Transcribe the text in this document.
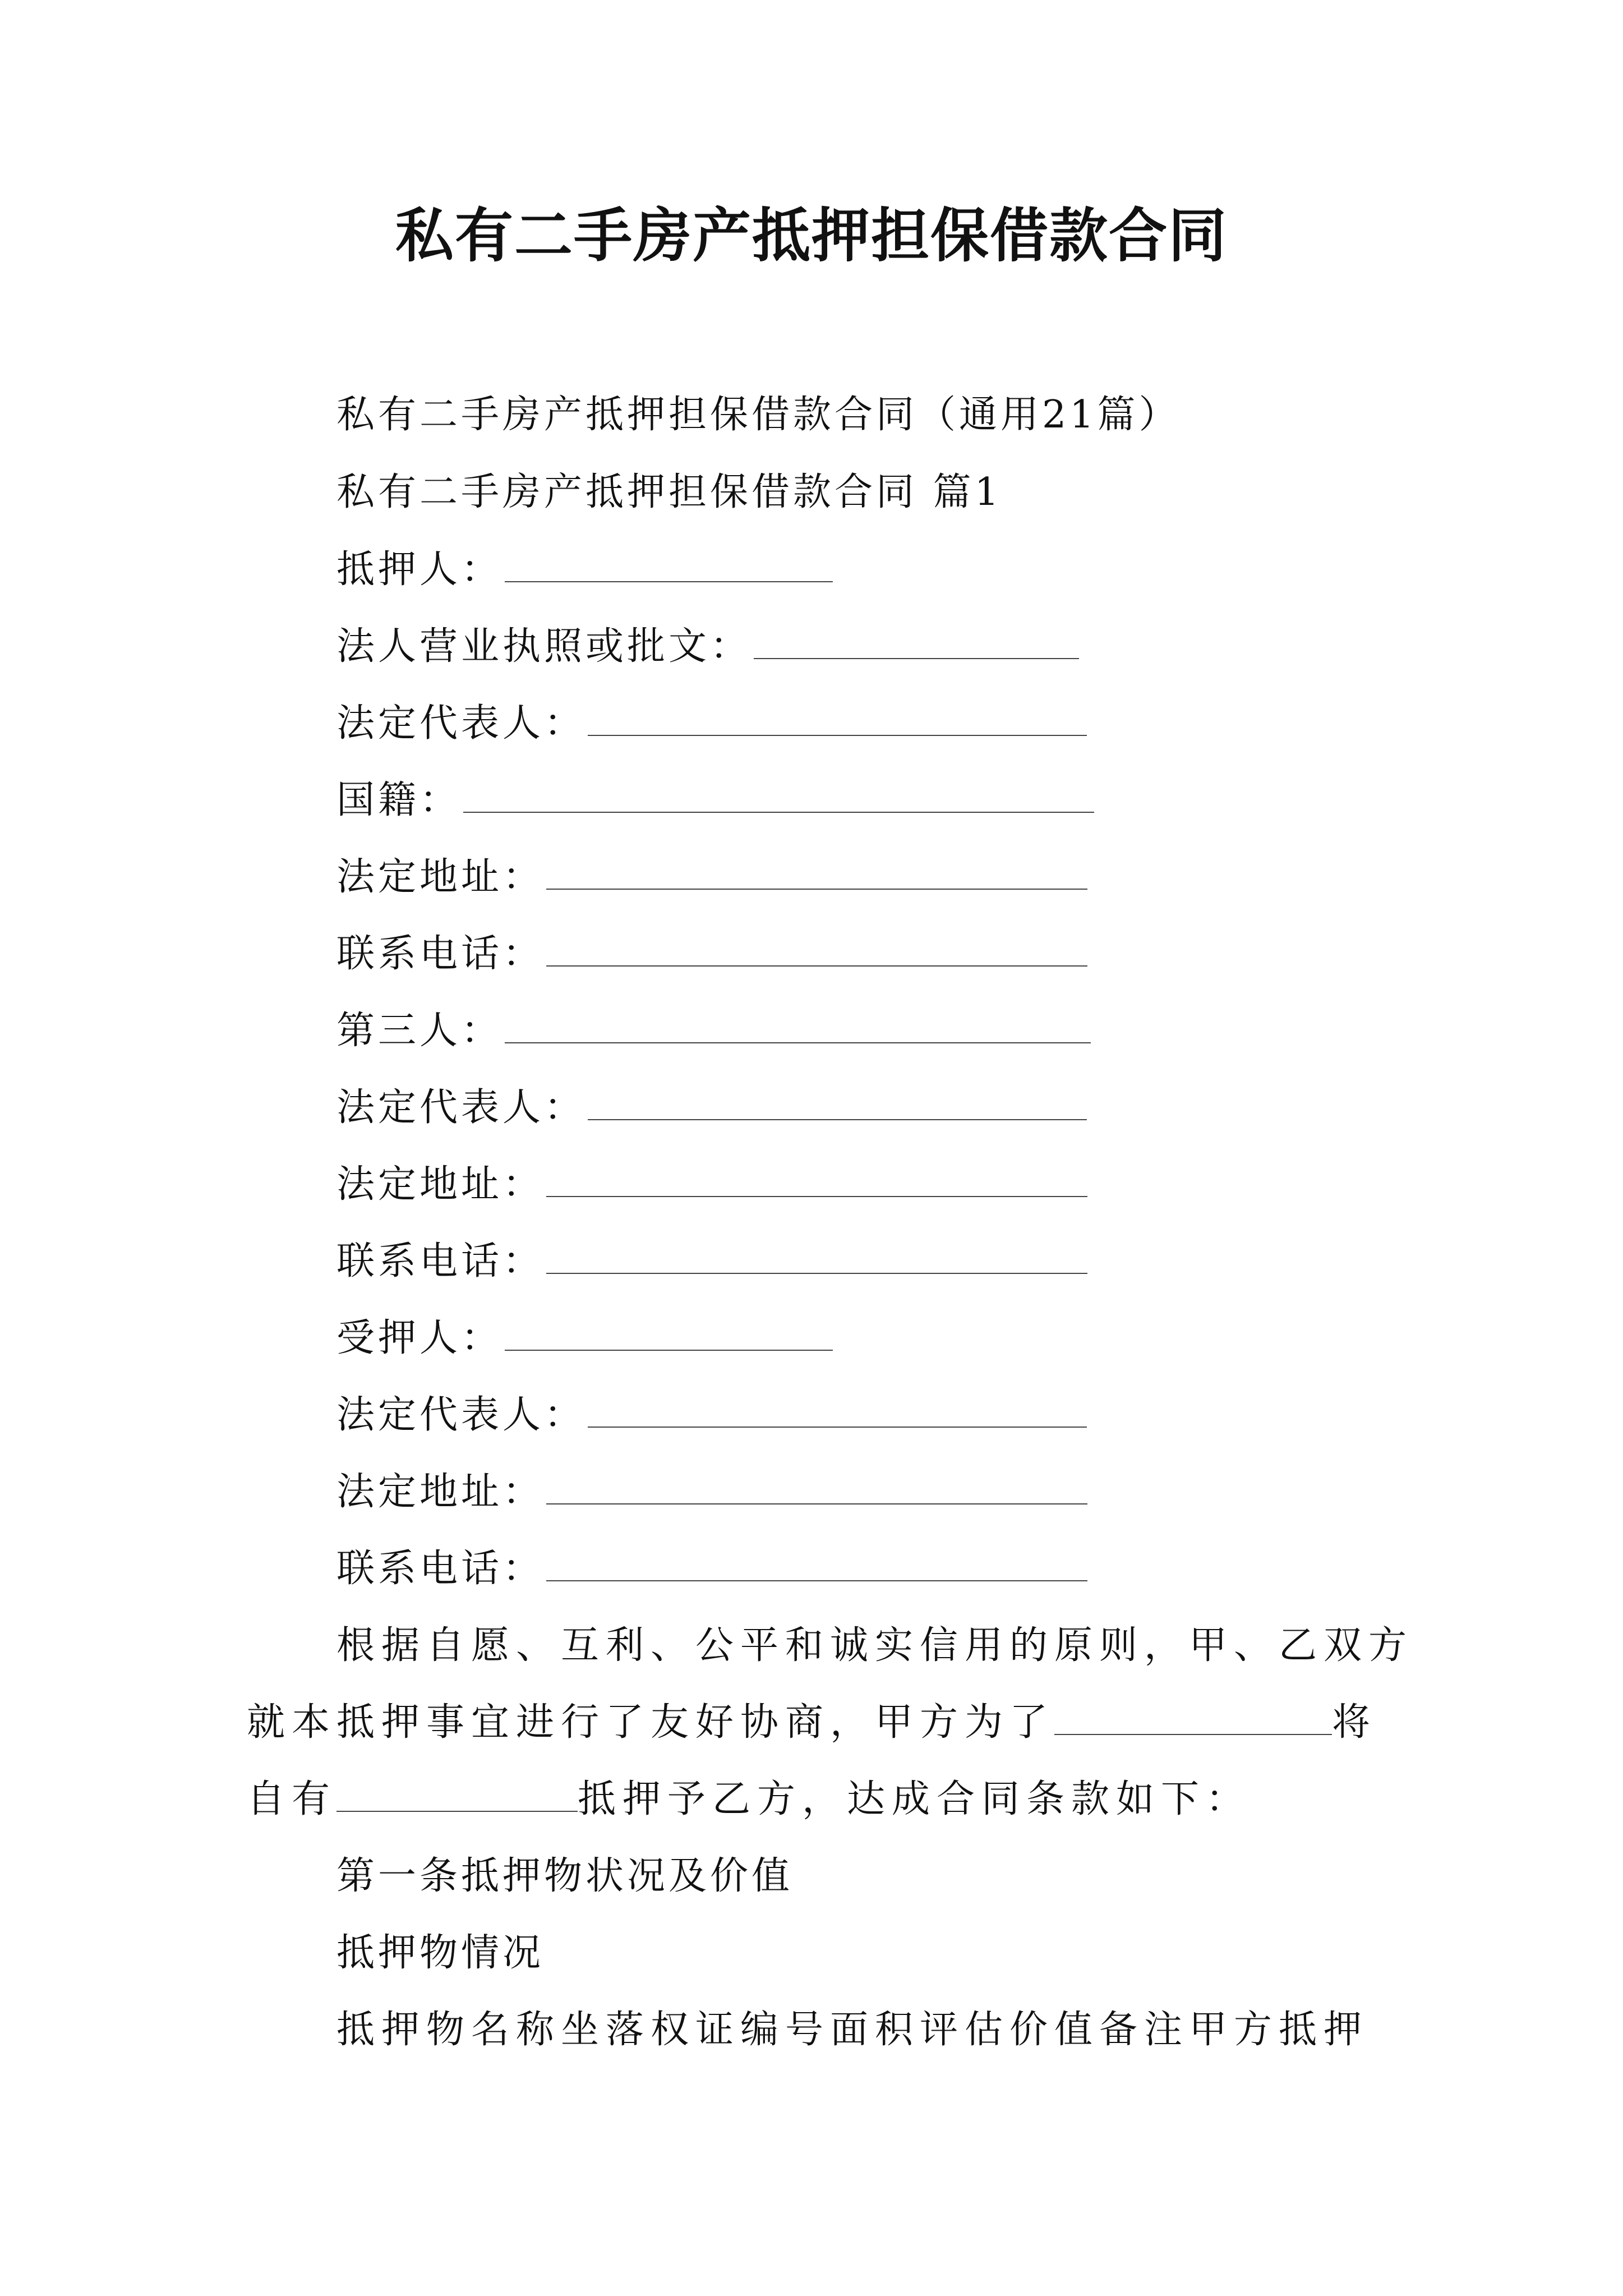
私有二手房产抵押担保借款合同
私有二手房产抵押担保借款合同（通用21篇）
私有二手房产抵押担保借款合同 篇1
抵押人：
法人营业执照或批文：
法定代表人：
国籍：
法定地址：
联系电话：
第三人：
法定代表人：
法定地址：
联系电话：
受押人：
法定代表人：
法定地址：
联系电话：
根据自愿、互利、公平和诚实信用的原则，甲、乙双方
就本抵押事宜进行了友好协商，甲方为了	将
自有	抵押予乙方，达成合同条款如下：
第一条抵押物状况及价值
抵押物情况
抵押物名称坐落权证编号面积评估价值备注甲方抵押
